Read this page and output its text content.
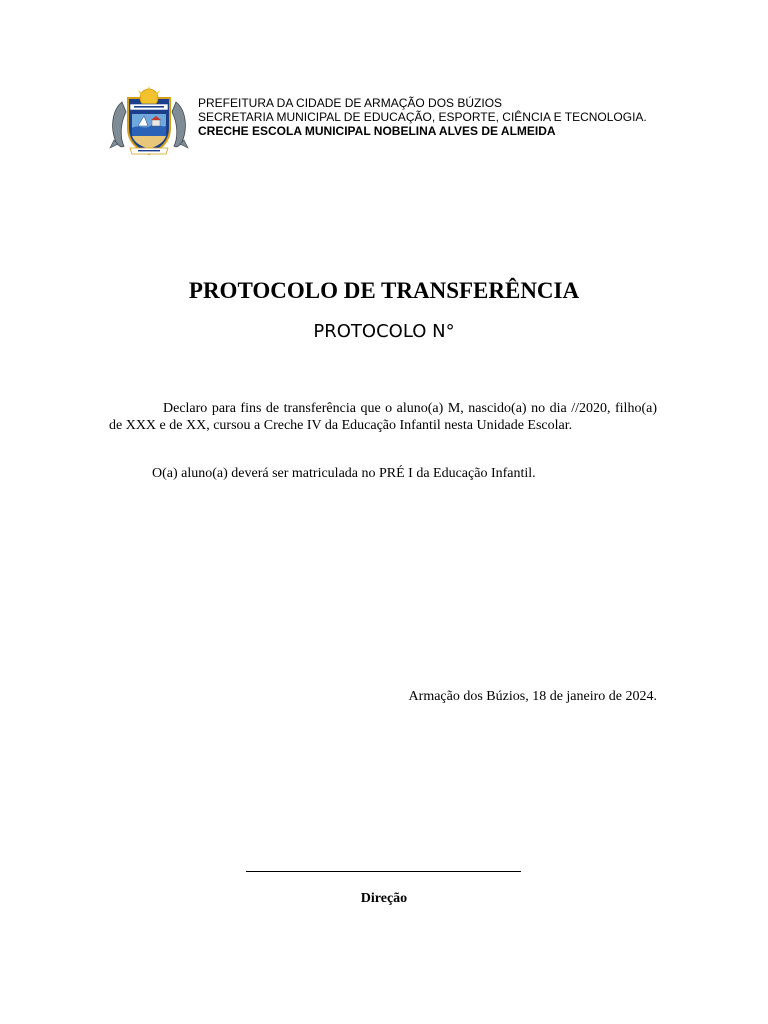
PREFEITURA DA CIDADE DE ARMAÇÃO DOS BÚZIOS
SECRETARIA MUNICIPAL DE EDUCAÇÃO, ESPORTE, CIÊNCIA E TECNOLOGIA.
CRECHE ESCOLA MUNICIPAL NOBELINA ALVES DE ALMEIDA
PROTOCOLO DE TRANSFERÊNCIA
PROTOCOLO N°

Declaro para fins de transferência que o aluno(a) M, nascido(a) no dia //2020, filho(a) de XXX e de XX, cursou a Creche IV da Educação Infantil nesta Unidade Escolar.

O(a) aluno(a) deverá ser matriculada no PRÉ I da Educação Infantil.

Armação dos Búzios, 18 de janeiro de 2024.
Direção
